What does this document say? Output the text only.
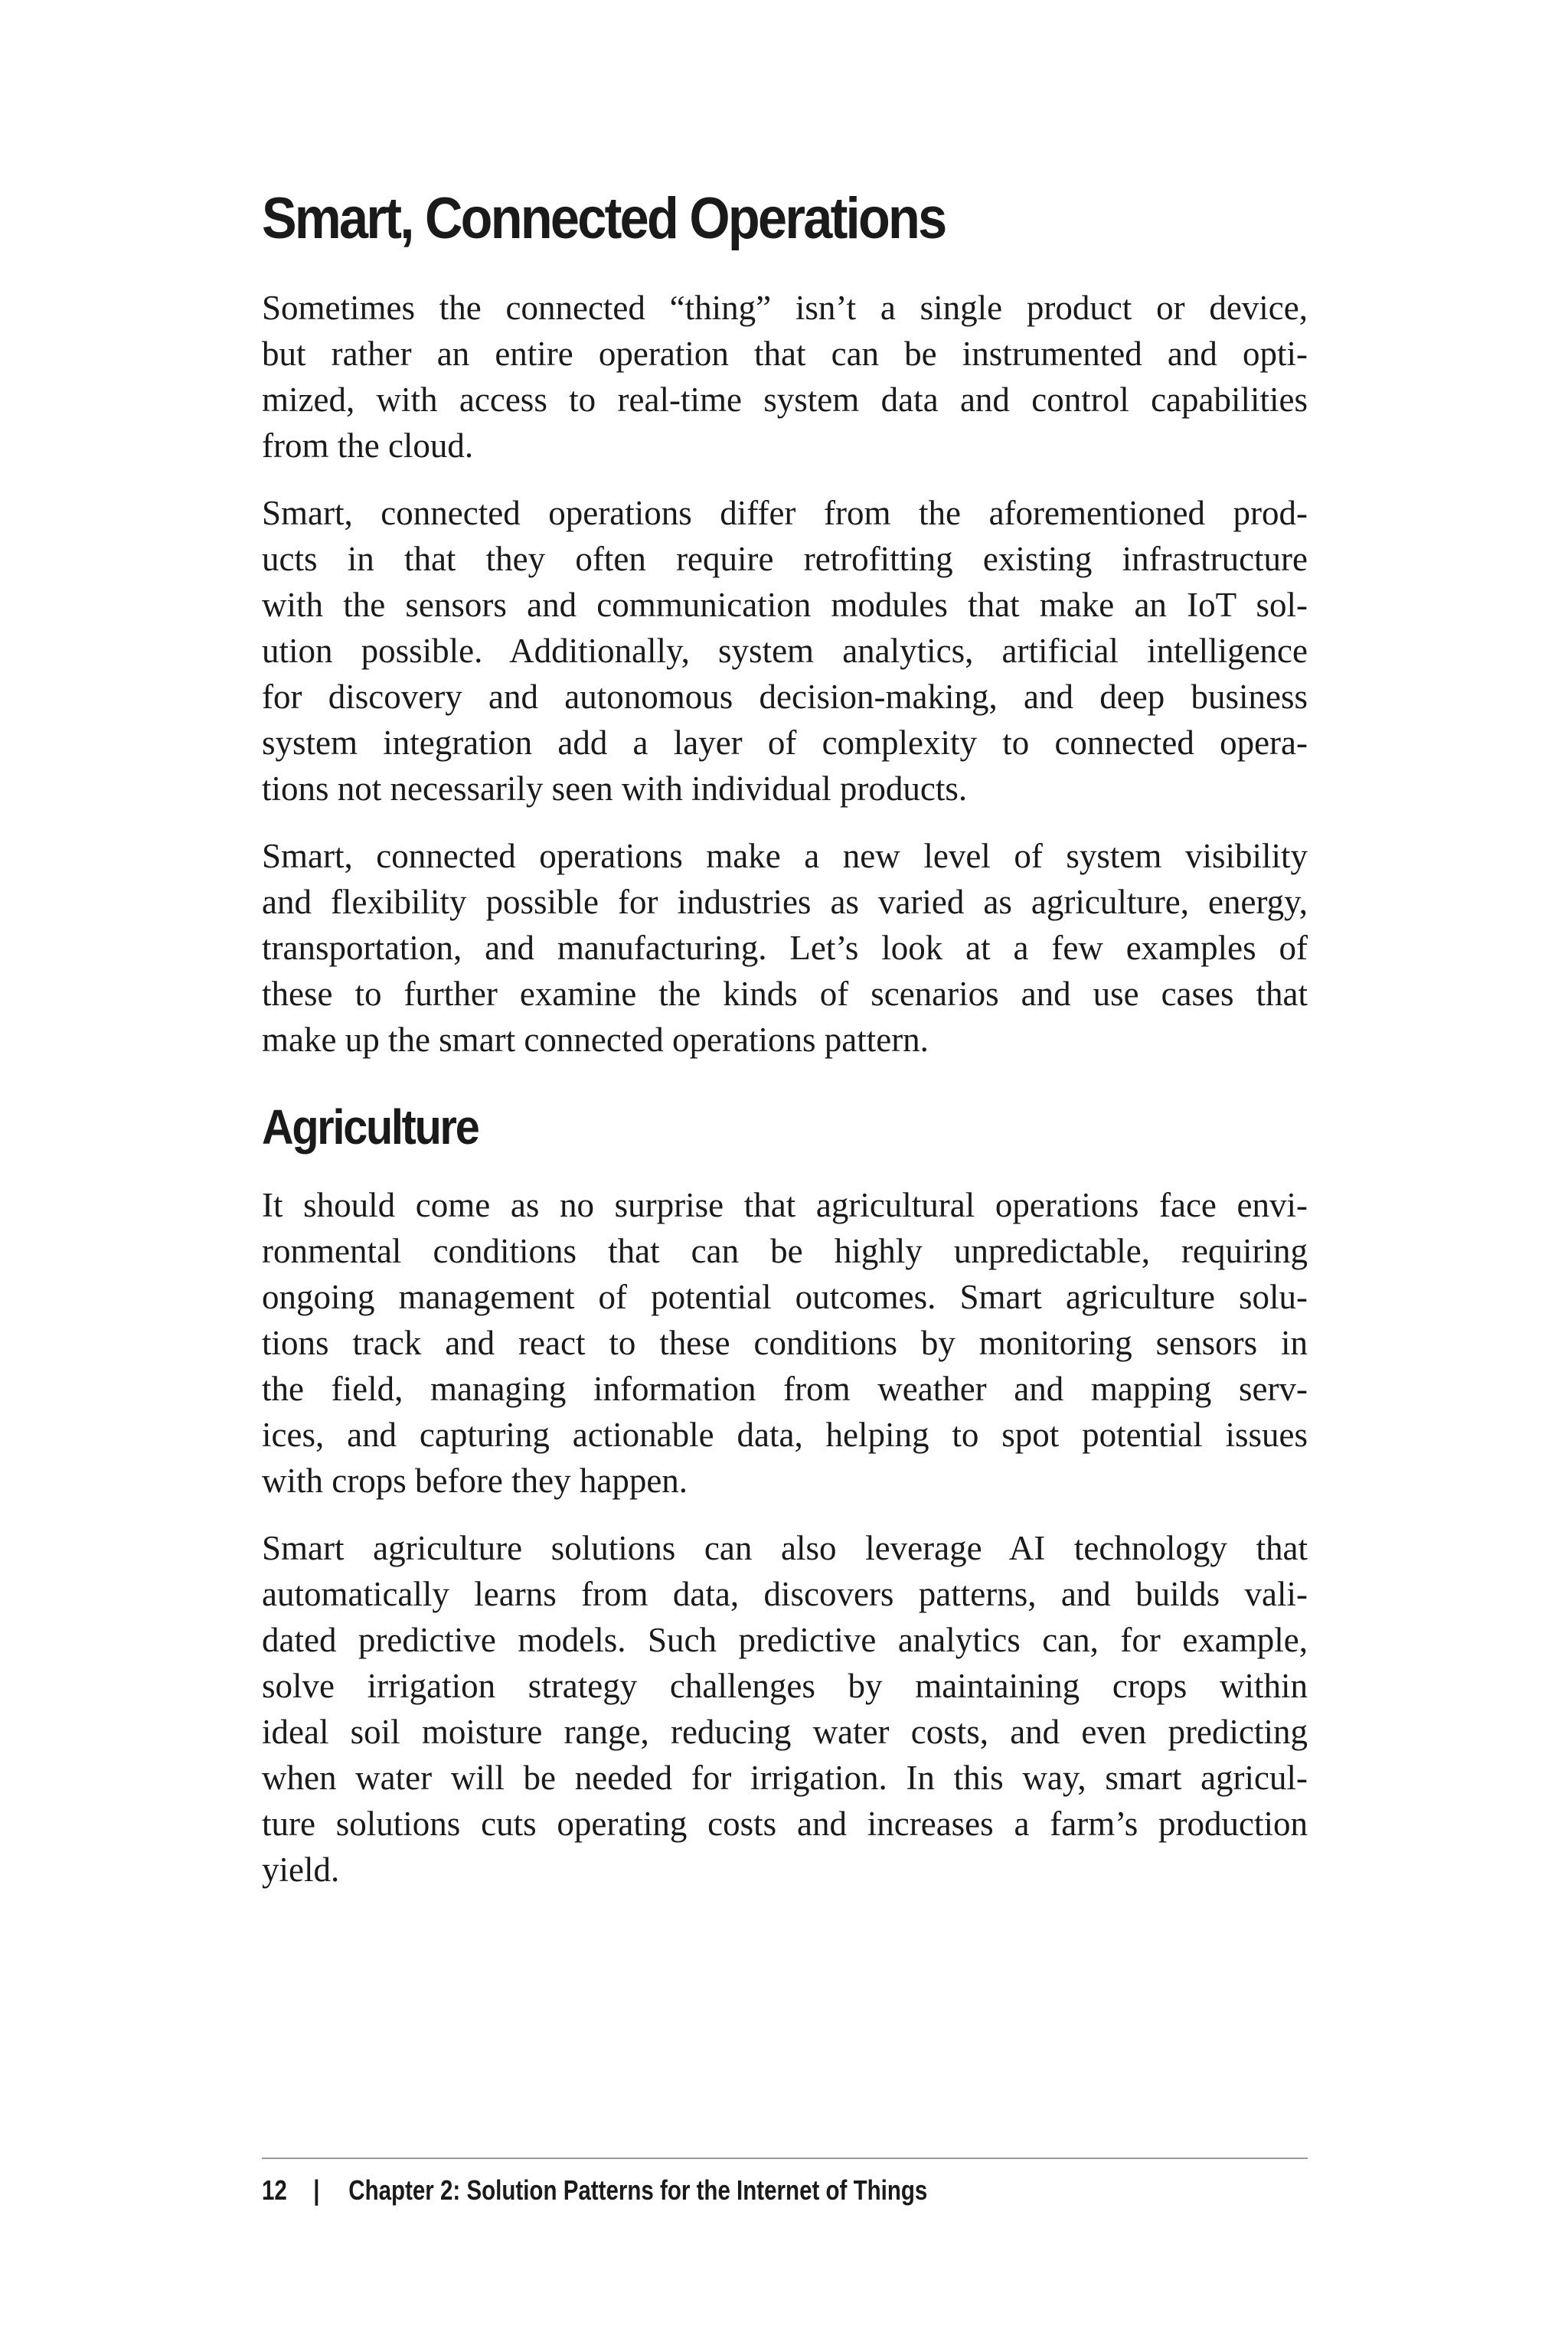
Smart, Connected Operations
Sometimes the connected “thing” isn’t a single product or device,
but rather an entire operation that can be instrumented and opti-
mized, with access to real-time system data and control capabilities
from the cloud.
Smart, connected operations differ from the aforementioned prod-
ucts in that they often require retrofitting existing infrastructure
with the sensors and communication modules that make an IoT sol-
ution possible. Additionally, system analytics, artificial intelligence
for discovery and autonomous decision-making, and deep business
system integration add a layer of complexity to connected opera-
tions not necessarily seen with individual products.
Smart, connected operations make a new level of system visibility
and flexibility possible for industries as varied as agriculture, energy,
transportation, and manufacturing. Let’s look at a few examples of
these to further examine the kinds of scenarios and use cases that
make up the smart connected operations pattern.
Agriculture
It should come as no surprise that agricultural operations face envi-
ronmental conditions that can be highly unpredictable, requiring
ongoing management of potential outcomes. Smart agriculture solu-
tions track and react to these conditions by monitoring sensors in
the field, managing information from weather and mapping serv-
ices, and capturing actionable data, helping to spot potential issues
with crops before they happen.
Smart agriculture solutions can also leverage AI technology that
automatically learns from data, discovers patterns, and builds vali-
dated predictive models. Such predictive analytics can, for example,
solve irrigation strategy challenges by maintaining crops within
ideal soil moisture range, reducing water costs, and even predicting
when water will be needed for irrigation. In this way, smart agricul-
ture solutions cuts operating costs and increases a farm’s production
yield.
12 | Chapter 2: Solution Patterns for the Internet of Things
